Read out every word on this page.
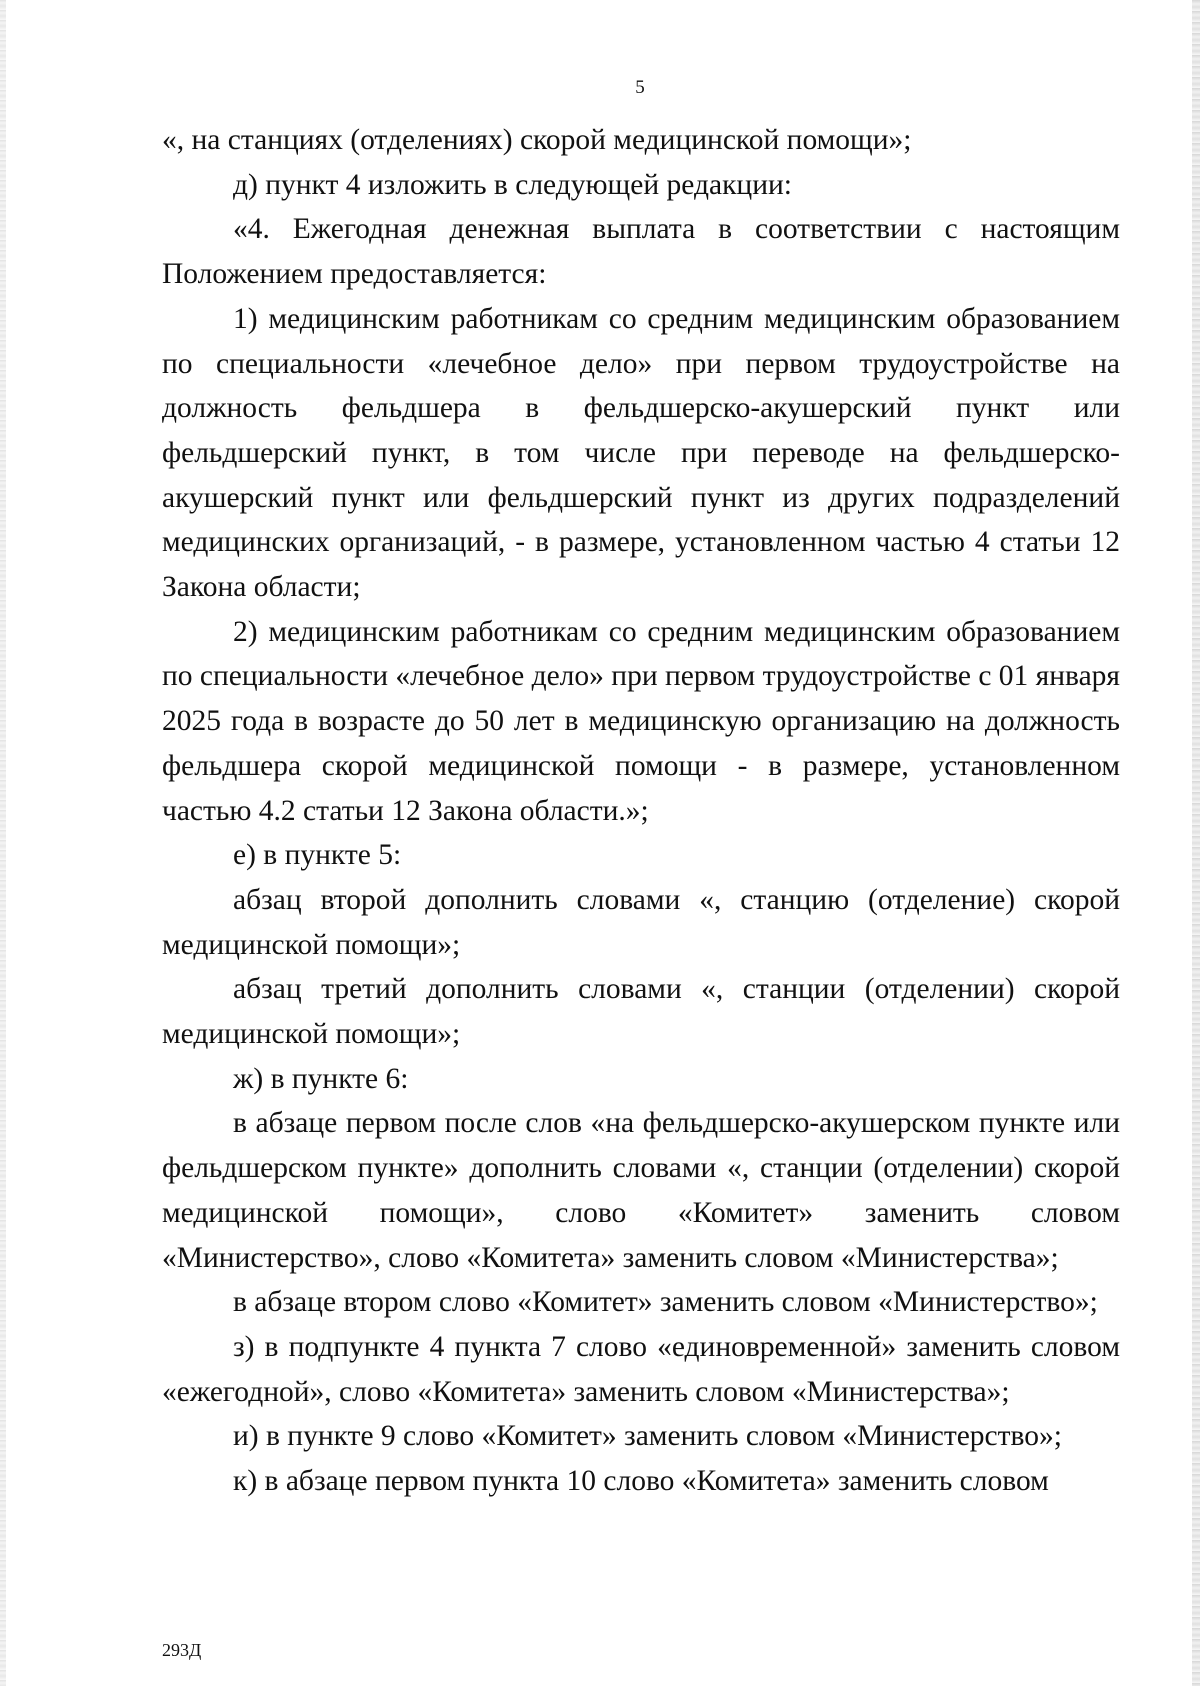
5

«, на станциях (отделениях) скорой медицинской помощи»;

д) пункт 4 изложить в следующей редакции:

«4. Ежегодная денежная выплата в соответствии с настоящим Положением предоставляется:

1) медицинским работникам со средним медицинским образованием по специальности «лечебное дело» при первом трудоустройстве на должность фельдшера в фельдшерско-акушерский пункт или фельдшерский пункт, в том числе при переводе на фельдшерско-акушерский пункт или фельдшерский пункт из других подразделений медицинских организаций, - в размере, установленном частью 4 статьи 12 Закона области;

2) медицинским работникам со средним медицинским образованием по специальности «лечебное дело» при первом трудоустройстве с 01 января 2025 года в возрасте до 50 лет в медицинскую организацию на должность фельдшера скорой медицинской помощи - в размере, установленном частью 4.2 статьи 12 Закона области.»;

е) в пункте 5:

абзац второй дополнить словами «, станцию (отделение) скорой медицинской помощи»;

абзац третий дополнить словами «, станции (отделении) скорой медицинской помощи»;

ж) в пункте 6:

в абзаце первом после слов «на фельдшерско-акушерском пункте или фельдшерском пункте» дополнить словами «, станции (отделении) скорой медицинской помощи», слово «Комитет» заменить словом «Министерство», слово «Комитета» заменить словом «Министерства»;

в абзаце втором слово «Комитет» заменить словом «Министерство»;

з) в подпункте 4 пункта 7 слово «единовременной» заменить словом «ежегодной», слово «Комитета» заменить словом «Министерства»;

и) в пункте 9 слово «Комитет» заменить словом «Министерство»;

к) в абзаце первом пункта 10 слово «Комитета» заменить словом

293Д
